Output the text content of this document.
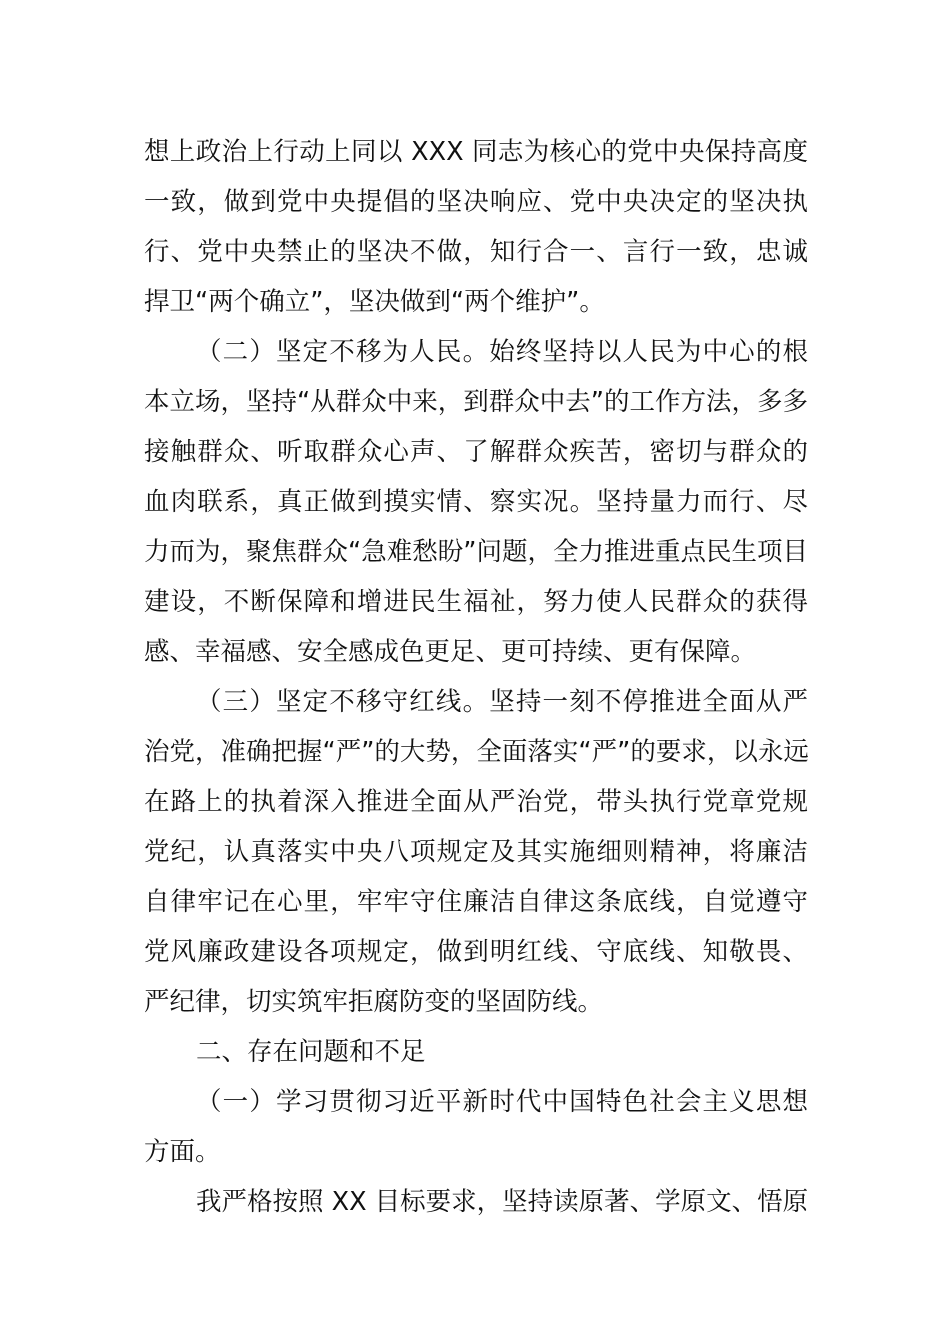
想上政治上行动上同以 XXX 同志为核心的党中央保持高度
一致，做到党中央提倡的坚决响应、党中央决定的坚决执
行、党中央禁止的坚决不做，知行合一、言行一致，忠诚
捍卫“两个确立”，坚决做到“两个维护”。
（二）坚定不移为人民。始终坚持以人民为中心的根
本立场，坚持“从群众中来，到群众中去”的工作方法，多多
接触群众、听取群众心声、了解群众疾苦，密切与群众的
血肉联系，真正做到摸实情、察实况。坚持量力而行、尽
力而为，聚焦群众“急难愁盼”问题，全力推进重点民生项目
建设，不断保障和增进民生福祉，努力使人民群众的获得
感、幸福感、安全感成色更足、更可持续、更有保障。
（三）坚定不移守红线。坚持一刻不停推进全面从严
治党，准确把握“严”的大势，全面落实“严”的要求，以永远
在路上的执着深入推进全面从严治党，带头执行党章党规
党纪，认真落实中央八项规定及其实施细则精神，将廉洁
自律牢记在心里，牢牢守住廉洁自律这条底线，自觉遵守
党风廉政建设各项规定，做到明红线、守底线、知敬畏、
严纪律，切实筑牢拒腐防变的坚固防线。
二、存在问题和不足
（一）学习贯彻习近平新时代中国特色社会主义思想
方面。
我严格按照 XX 目标要求，坚持读原著、学原文、悟原
